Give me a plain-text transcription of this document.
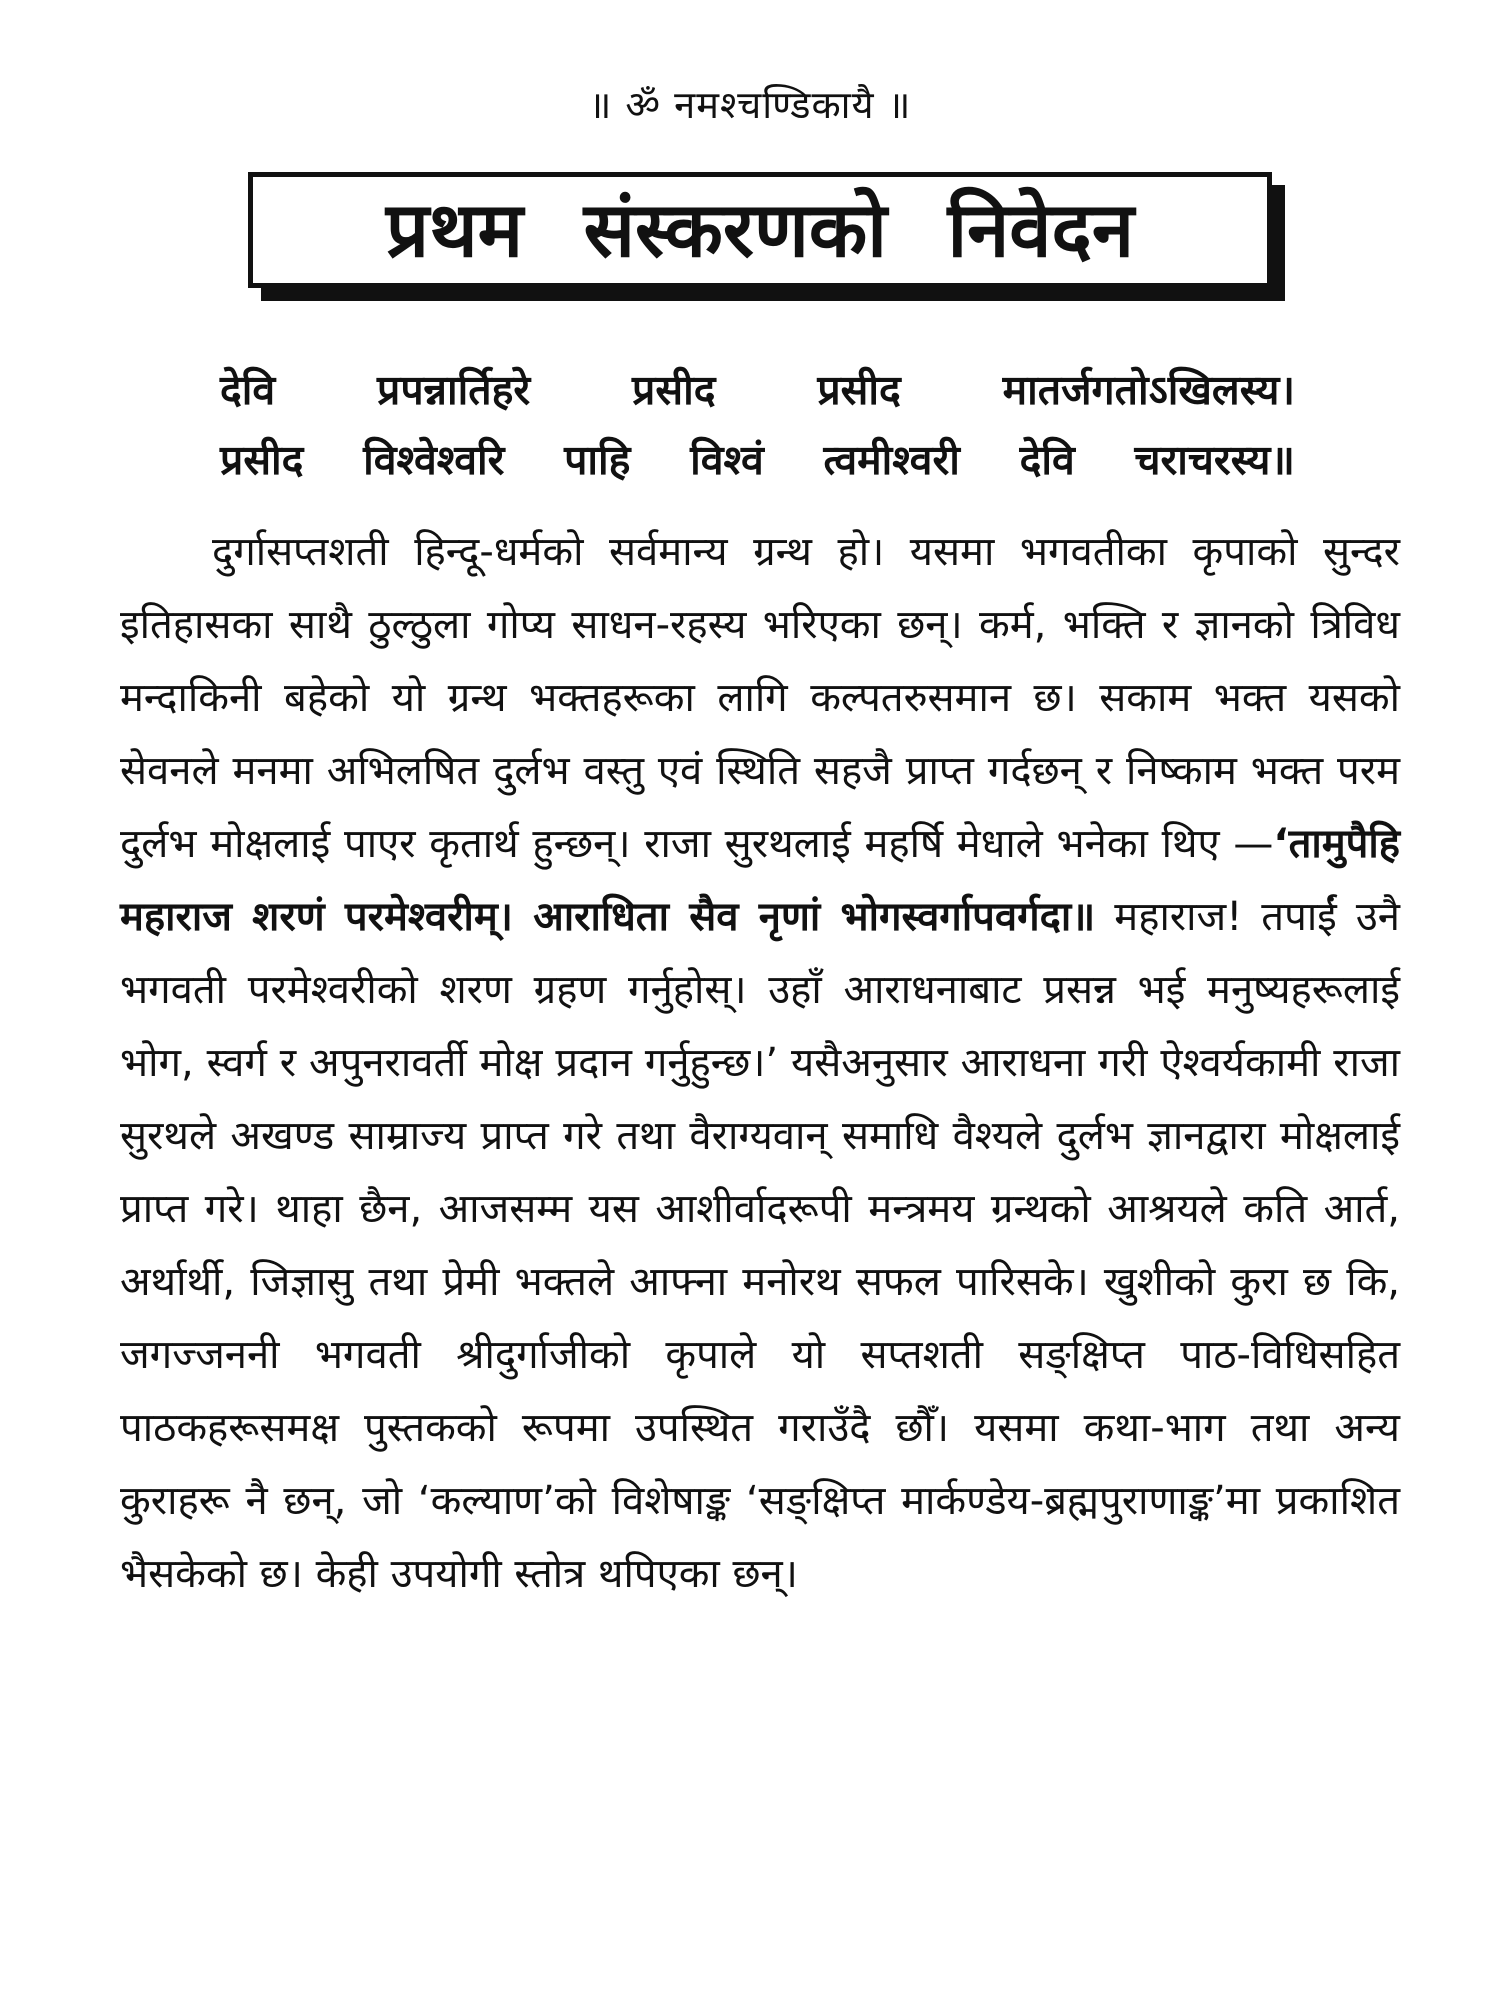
॥ ॐ नमश्चण्डिकायै ॥
प्रथम संस्करणको निवेदन
देवि प्रपन्नार्तिहरे प्रसीद प्रसीद मातर्जगतोऽखिलस्य।
प्रसीद विश्वेश्वरि पाहि विश्वं त्वमीश्वरी देवि चराचरस्य॥
दुर्गासप्तशती हिन्दू-धर्मको सर्वमान्य ग्रन्थ हो। यसमा भगवतीका कृपाको सुन्दर इतिहासका साथै ठुल्ठुला गोप्य साधन-रहस्य भरिएका छन्। कर्म, भक्ति र ज्ञानको त्रिविध मन्दाकिनी बहेको यो ग्रन्थ भक्तहरूका लागि कल्पतरुसमान छ। सकाम भक्त यसको सेवनले मनमा अभिलषित दुर्लभ वस्तु एवं स्थिति सहजै प्राप्त गर्दछन् र निष्काम भक्त परम दुर्लभ मोक्षलाई पाएर कृतार्थ हुन्छन्। राजा सुरथलाई महर्षि मेधाले भनेका थिए —‘तामुपैहि महाराज शरणं परमेश्वरीम्। आराधिता सैव नृणां भोगस्वर्गापवर्गदा॥ महाराज! तपाईं उनै भगवती परमेश्वरीको शरण ग्रहण गर्नुहोस्। उहाँ आराधनाबाट प्रसन्न भई मनुष्यहरूलाई भोग, स्वर्ग र अपुनरावर्ती मोक्ष प्रदान गर्नुहुन्छ।’ यसैअनुसार आराधना गरी ऐश्वर्यकामी राजा सुरथले अखण्ड साम्राज्य प्राप्त गरे तथा वैराग्यवान् समाधि वैश्यले दुर्लभ ज्ञानद्वारा मोक्षलाई प्राप्त गरे। थाहा छैन, आजसम्म यस आशीर्वादरूपी मन्त्रमय ग्रन्थको आश्रयले कति आर्त, अर्थार्थी, जिज्ञासु तथा प्रेमी भक्तले आफ्ना मनोरथ सफल पारिसके। खुशीको कुरा छ कि, जगज्जननी भगवती श्रीदुर्गाजीको कृपाले यो सप्तशती सङ्क्षिप्त पाठ-विधिसहित पाठकहरूसमक्ष पुस्तकको रूपमा उपस्थित गराउँदै छौँ। यसमा कथा-भाग तथा अन्य कुराहरू नै छन्, जो ‘कल्याण’को विशेषाङ्क ‘सङ्क्षिप्त मार्कण्डेय-ब्रह्मपुराणाङ्क’मा प्रकाशित भैसकेको छ। केही उपयोगी स्तोत्र थपिएका छन्।
